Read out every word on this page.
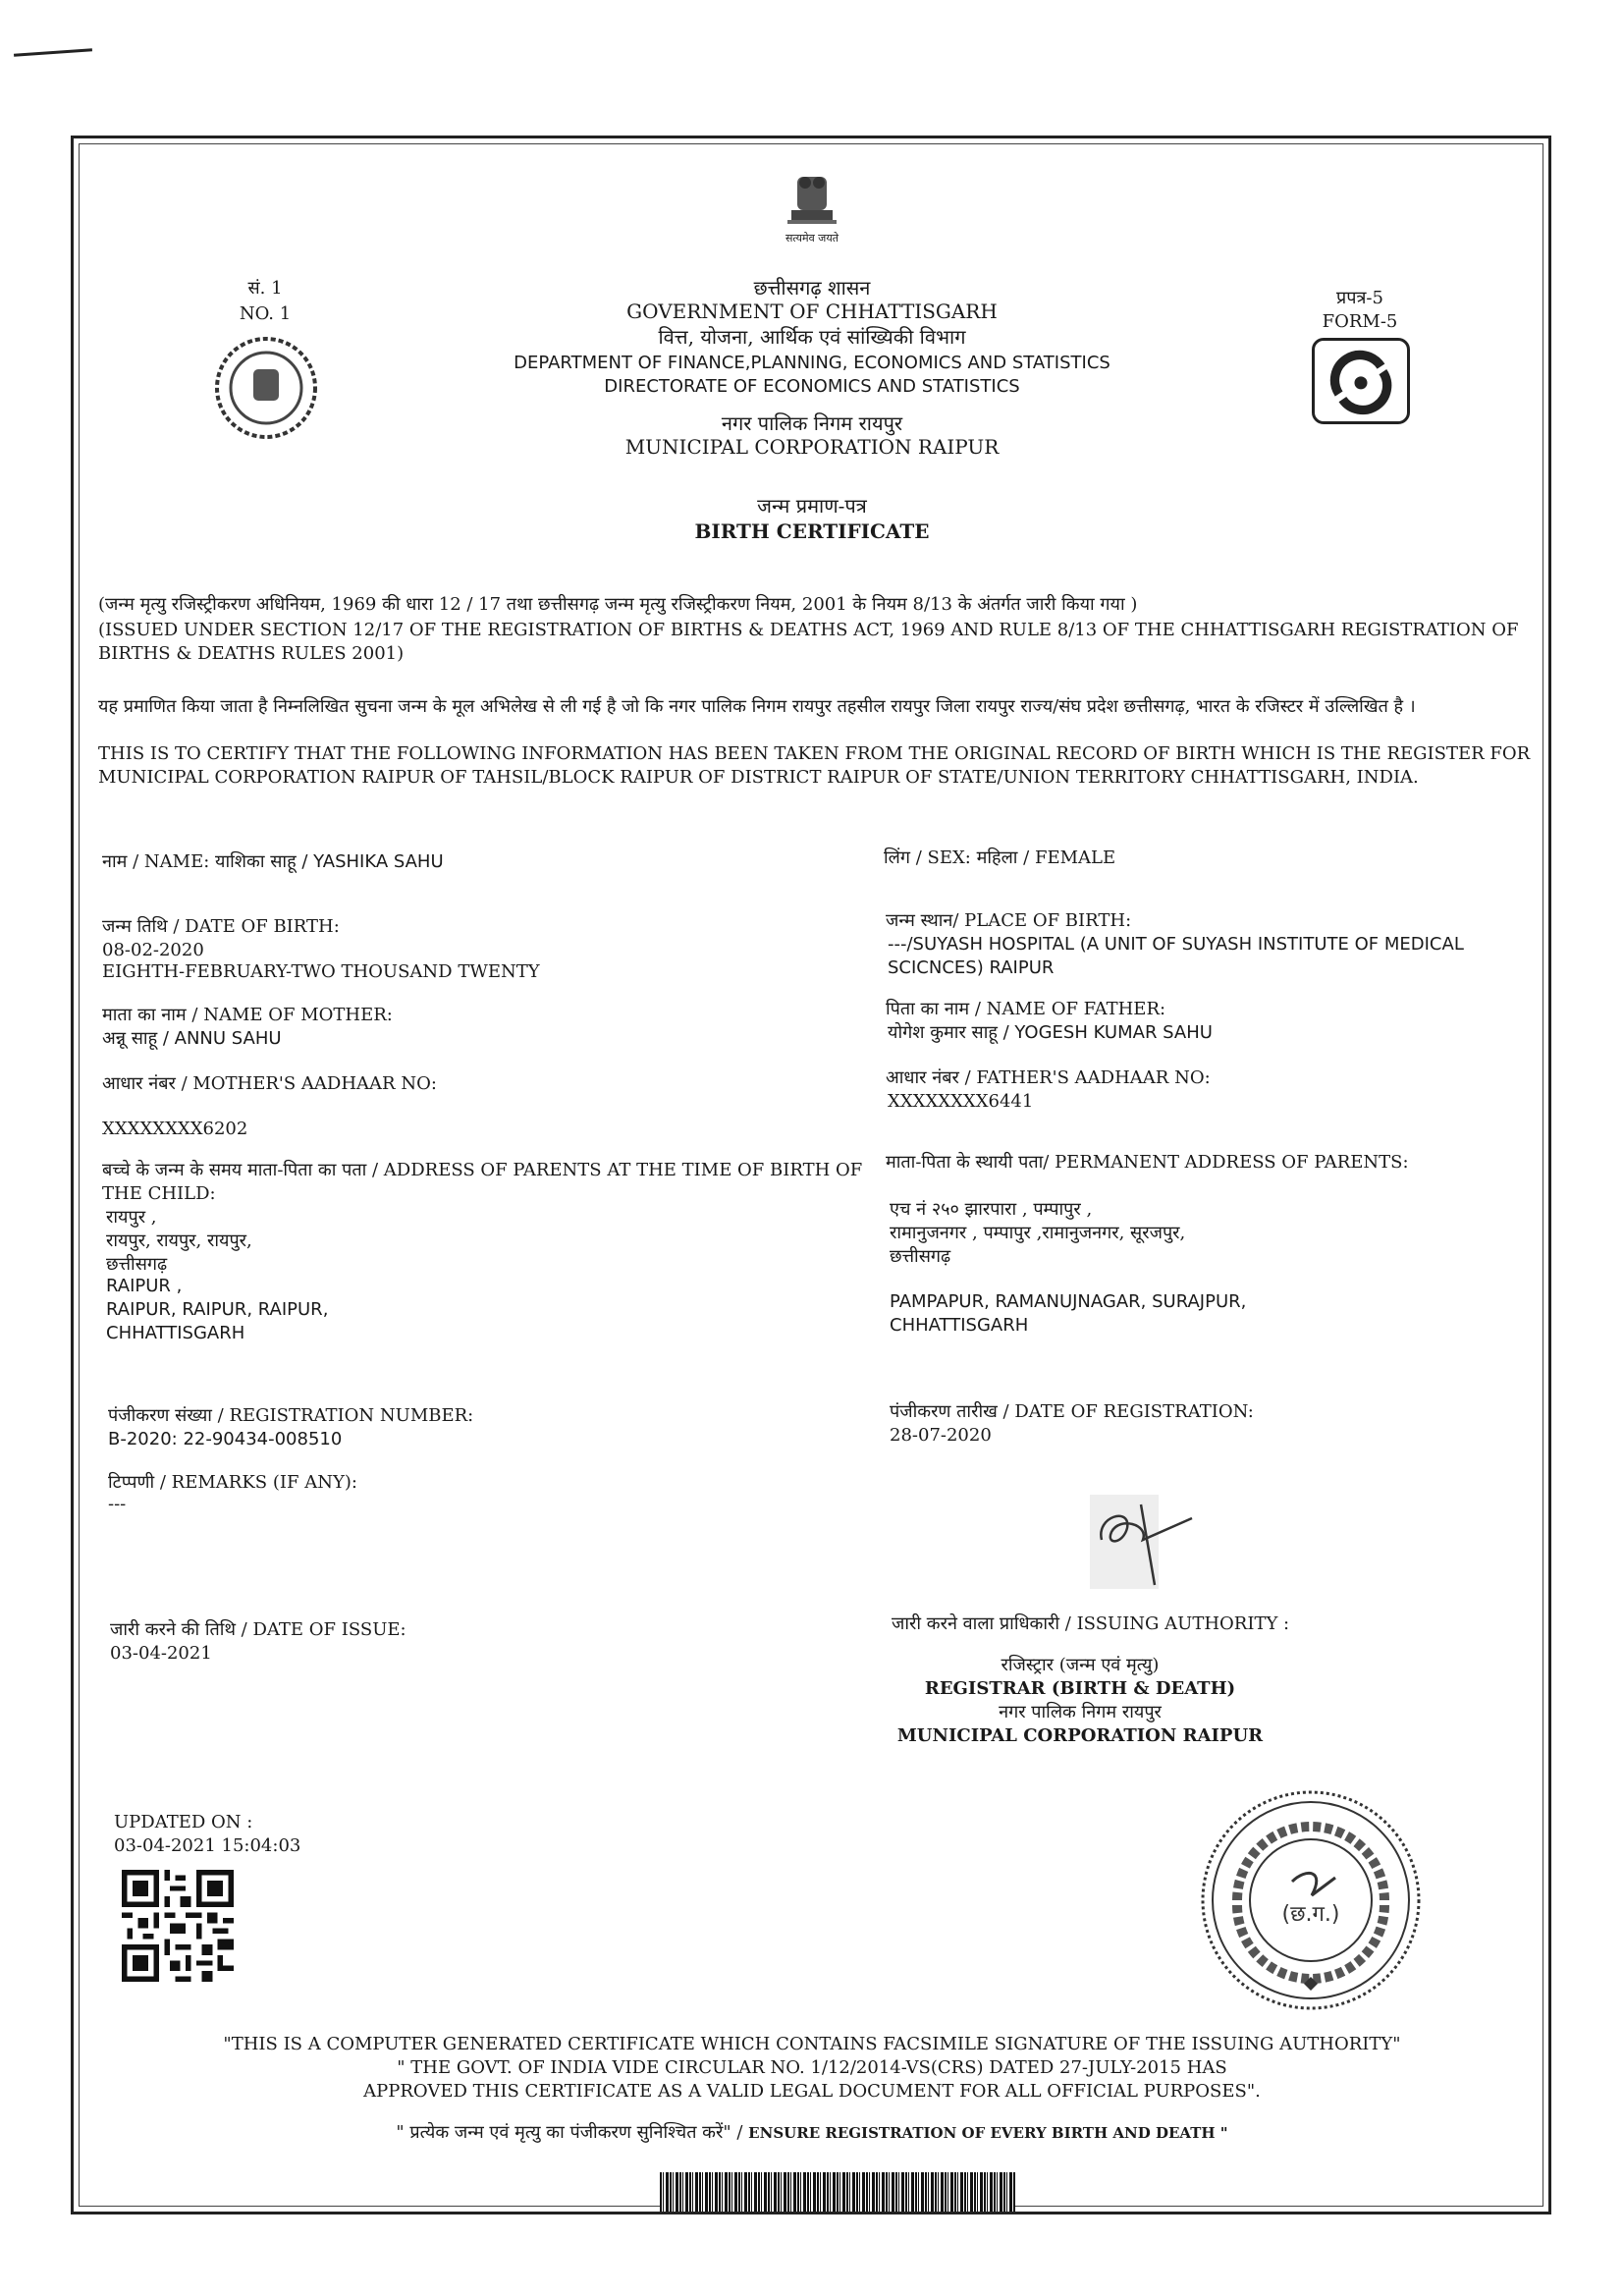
सत्यमेव जयते
सं. 1
NO. 1
प्रपत्र-5
FORM-5
छत्तीसगढ़ शासन
GOVERNMENT OF CHHATTISGARH
वित्त, योजना, आर्थिक एवं सांख्यिकी विभाग
DEPARTMENT OF FINANCE,PLANNING, ECONOMICS AND STATISTICS
DIRECTORATE OF ECONOMICS AND STATISTICS
नगर पालिक निगम रायपुर
MUNICIPAL CORPORATION RAIPUR
जन्म प्रमाण-पत्र
BIRTH CERTIFICATE
(जन्म मृत्यु रजिस्ट्रीकरण अधिनियम, 1969 की धारा 12 / 17 तथा छत्तीसगढ़ जन्म मृत्यु रजिस्ट्रीकरण नियम, 2001 के नियम 8/13 के अंतर्गत जारी किया गया )
(ISSUED UNDER SECTION 12/17 OF THE REGISTRATION OF BIRTHS & DEATHS ACT, 1969 AND RULE 8/13 OF THE CHHATTISGARH REGISTRATION OF BIRTHS & DEATHS RULES 2001)
यह प्रमाणित किया जाता है निम्नलिखित सुचना जन्म के मूल अभिलेख से ली गई है जो कि नगर पालिक निगम रायपुर तहसील रायपुर जिला रायपुर राज्य/संघ प्रदेश छत्तीसगढ़, भारत के रजिस्टर में उल्लिखित है ।
THIS IS TO CERTIFY THAT THE FOLLOWING INFORMATION HAS BEEN TAKEN FROM THE ORIGINAL RECORD OF BIRTH WHICH IS THE REGISTER FOR MUNICIPAL CORPORATION RAIPUR OF TAHSIL/BLOCK RAIPUR OF DISTRICT RAIPUR OF STATE/UNION TERRITORY CHHATTISGARH, INDIA.
नाम / NAME: याशिका साहू / YASHIKA SAHU
जन्म तिथि / DATE OF BIRTH:
08-02-2020
EIGHTH-FEBRUARY-TWO THOUSAND TWENTY
माता का नाम / NAME OF MOTHER:
अन्नू साहू / ANNU SAHU
आधार नंबर / MOTHER'S AADHAAR NO:
XXXXXXXX6202
बच्चे के जन्म के समय माता-पिता का पता / ADDRESS OF PARENTS AT THE TIME OF BIRTH OF THE CHILD:
रायपुर ,
रायपुर, रायपुर, रायपुर,
छत्तीसगढ़
RAIPUR ,
RAIPUR, RAIPUR, RAIPUR,
CHHATTISGARH
पंजीकरण संख्या / REGISTRATION NUMBER:
B-2020: 22-90434-008510
टिप्पणी / REMARKS (IF ANY):
---
जारी करने की तिथि / DATE OF ISSUE:
03-04-2021
लिंग / SEX: महिला / FEMALE
जन्म स्थान/ PLACE OF BIRTH:
---/SUYASH HOSPITAL (A UNIT OF SUYASH INSTITUTE OF MEDICAL SCICNCES) RAIPUR
पिता का नाम / NAME OF FATHER:
योगेश कुमार साहू / YOGESH KUMAR SAHU
आधार नंबर / FATHER'S AADHAAR NO:
XXXXXXXX6441
माता-पिता के स्थायी पता/ PERMANENT ADDRESS OF PARENTS:
एच नं २५० झारपारा , पम्पापुर ,
रामानुजनगर , पम्पापुर ,रामानुजनगर, सूरजपुर,
छत्तीसगढ़
PAMPAPUR, RAMANUJNAGAR, SURAJPUR,
CHHATTISGARH
पंजीकरण तारीख / DATE OF REGISTRATION:
28-07-2020
जारी करने वाला प्राधिकारी / ISSUING AUTHORITY :
रजिस्ट्रार (जन्म एवं मृत्यु)
REGISTRAR (BIRTH & DEATH)
नगर पालिक निगम रायपुर
MUNICIPAL CORPORATION RAIPUR
UPDATED ON :
03-04-2021 15:04:03
(छ.ग.)
"THIS IS A COMPUTER GENERATED CERTIFICATE WHICH CONTAINS FACSIMILE SIGNATURE OF THE ISSUING AUTHORITY"
" THE GOVT. OF INDIA VIDE CIRCULAR NO. 1/12/2014-VS(CRS) DATED 27-JULY-2015 HAS
APPROVED THIS CERTIFICATE AS A VALID LEGAL DOCUMENT FOR ALL OFFICIAL PURPOSES".
" प्रत्येक जन्म एवं मृत्यु का पंजीकरण सुनिश्चित करें" / ENSURE REGISTRATION OF EVERY BIRTH AND DEATH "
